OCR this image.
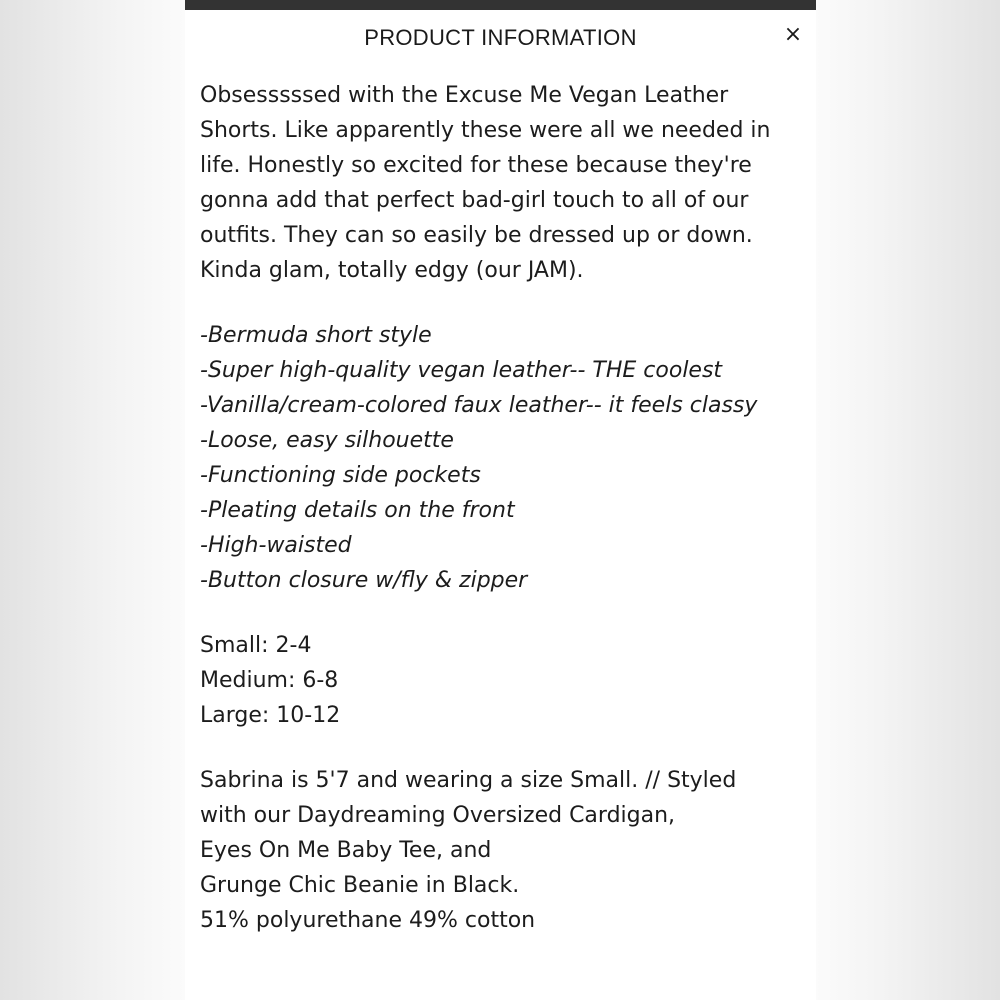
PRODUCT INFORMATION	×

Obsesssssed with the Excuse Me Vegan Leather
Shorts. Like apparently these were all we needed in
life. Honestly so excited for these because they're
gonna add that perfect bad-girl touch to all of our
outfits. They can so easily be dressed up or down.
Kinda glam, totally edgy (our JAM).

-Bermuda short style
-Super high-quality vegan leather-- THE coolest
-Vanilla/cream-colored faux leather-- it feels classy
-Loose, easy silhouette
-Functioning side pockets
-Pleating details on the front
-High-waisted
-Button closure w/fly & zipper
Small: 2-4
Medium: 6-8
Large: 10-12
Sabrina is 5'7 and wearing a size Small. // Styled
with our Daydreaming Oversized Cardigan,
Eyes On Me Baby Tee, and
Grunge Chic Beanie in Black.
51% polyurethane 49% cotton
